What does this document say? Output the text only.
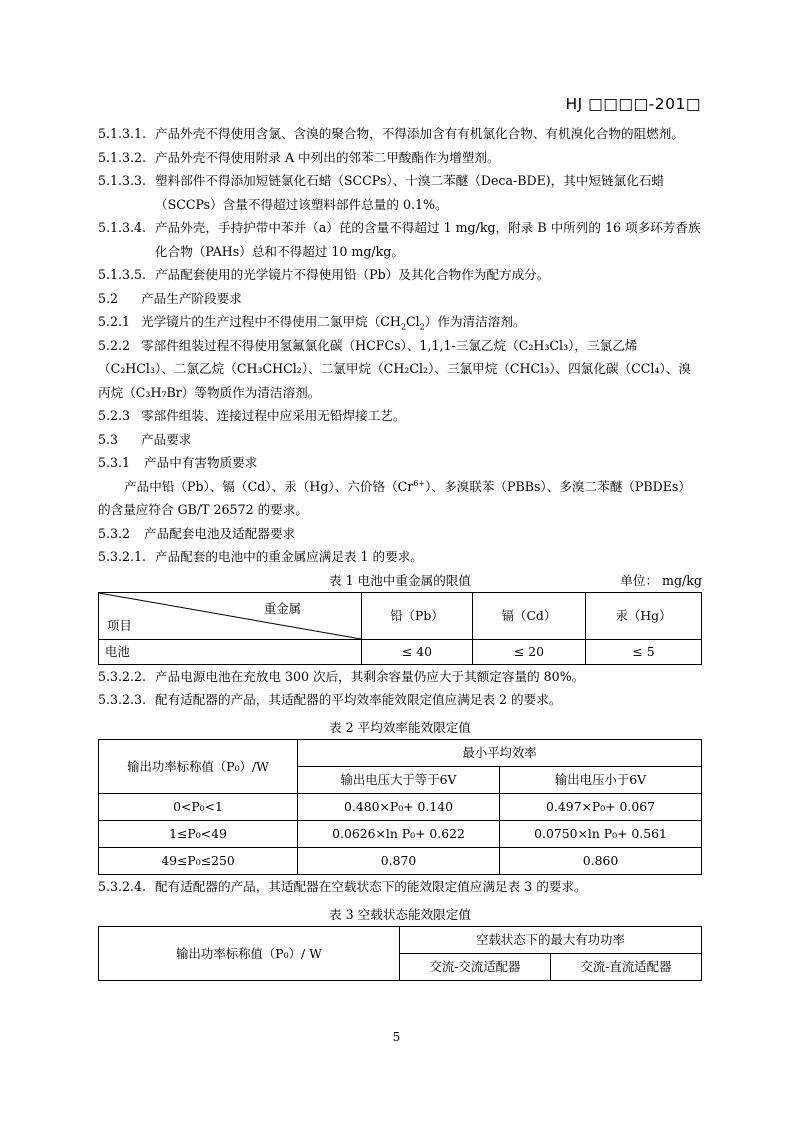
HJ □□□□-201□
5.1.3.1. 产品外壳不得使用含氯、含溴的聚合物，不得添加含有有机氯化合物、有机溴化合物的阻燃剂。
5.1.3.2. 产品外壳不得使用附录 A 中列出的邻苯二甲酸酯作为增塑剂。
5.1.3.3. 塑料部件不得添加短链氯化石蜡（SCCPs）、十溴二苯醚（Deca-BDE)，其中短链氯化石蜡（SCCPs）含量不得超过该塑料部件总量的 0.1%。
5.1.3.4. 产品外壳，手持护带中苯并（a）芘的含量不得超过 1 mg/kg，附录 B 中所列的 16 项多环芳香族化合物（PAHs）总和不得超过 10 mg/kg。
5.1.3.5. 产品配套使用的光学镜片不得使用铅（Pb）及其化合物作为配方成分。
5.2	产品生产阶段要求
5.2.1 光学镜片的生产过程中不得使用二氯甲烷$(CH_2Cl_2)$作为清洁溶剂。
5.2.2 零部件组装过程不得使用氢氟氯化碳（HCFCs）、1,1,1-三氯乙烷（C₂H₃Cl₃），三氯乙烯（C₂HCl₃）、二氯乙烷（CH₃CHCl₂）、二氯甲烷（CH₂Cl₂）、三氯甲烷（CHCl₃）、四氯化碳（CCl₄）、溴丙烷（C₃H₇Br）等物质作为清洁溶剂。
5.2.3 零部件组装、连接过程中应采用无铅焊接工艺。
5.3	产品要求
5.3.1	产品中有害物质要求
产品中铅（Pb）、镉（Cd）、汞（Hg）、六价铬$(Cr^{6+})$、多溴联苯（PBBs）、多溴二苯醚（PBDEs）的含量应符合 GB/T 26572 的要求。
5.3.2	产品配套电池及适配器要求
5.3.2.1. 产品配套的电池中的重金属应满足表 1 的要求。
表 1 电池中重金属的限值	单位： mg/kg
重金属
项目	铅（Pb）	镉（Cd）	汞（Hg）
电池	≤ 40	≤ 20	≤ 5
5.3.2.2. 产品电源电池在充放电 300 次后，其剩余容量仍应大于其额定容量的 80%。
5.3.2.3. 配有适配器的产品，其适配器的平均效率能效限定值应满足表 2 的要求。
表 2 平均效率能效限定值
输出功率标称值（P₀）/W	最小平均效率	
	输出电压大于等于6V	输出电压小于6V
0<P₀<1	0.480×P₀+ 0.140	0.497×P₀+ 0.067
1≤P₀<49	0.0626×ln P₀+ 0.622	0.0750×ln P₀+ 0.561
49≤P₀≤250	0.870	0.860
5.3.2.4. 配有适配器的产品，其适配器在空载状态下的能效限定值应满足表 3 的要求。
表 3 空载状态能效限定值
输出功率标称值（P₀）/ W	空载状态下的最大有功功率	
	交流-交流适配器	交流-直流适配器
5
